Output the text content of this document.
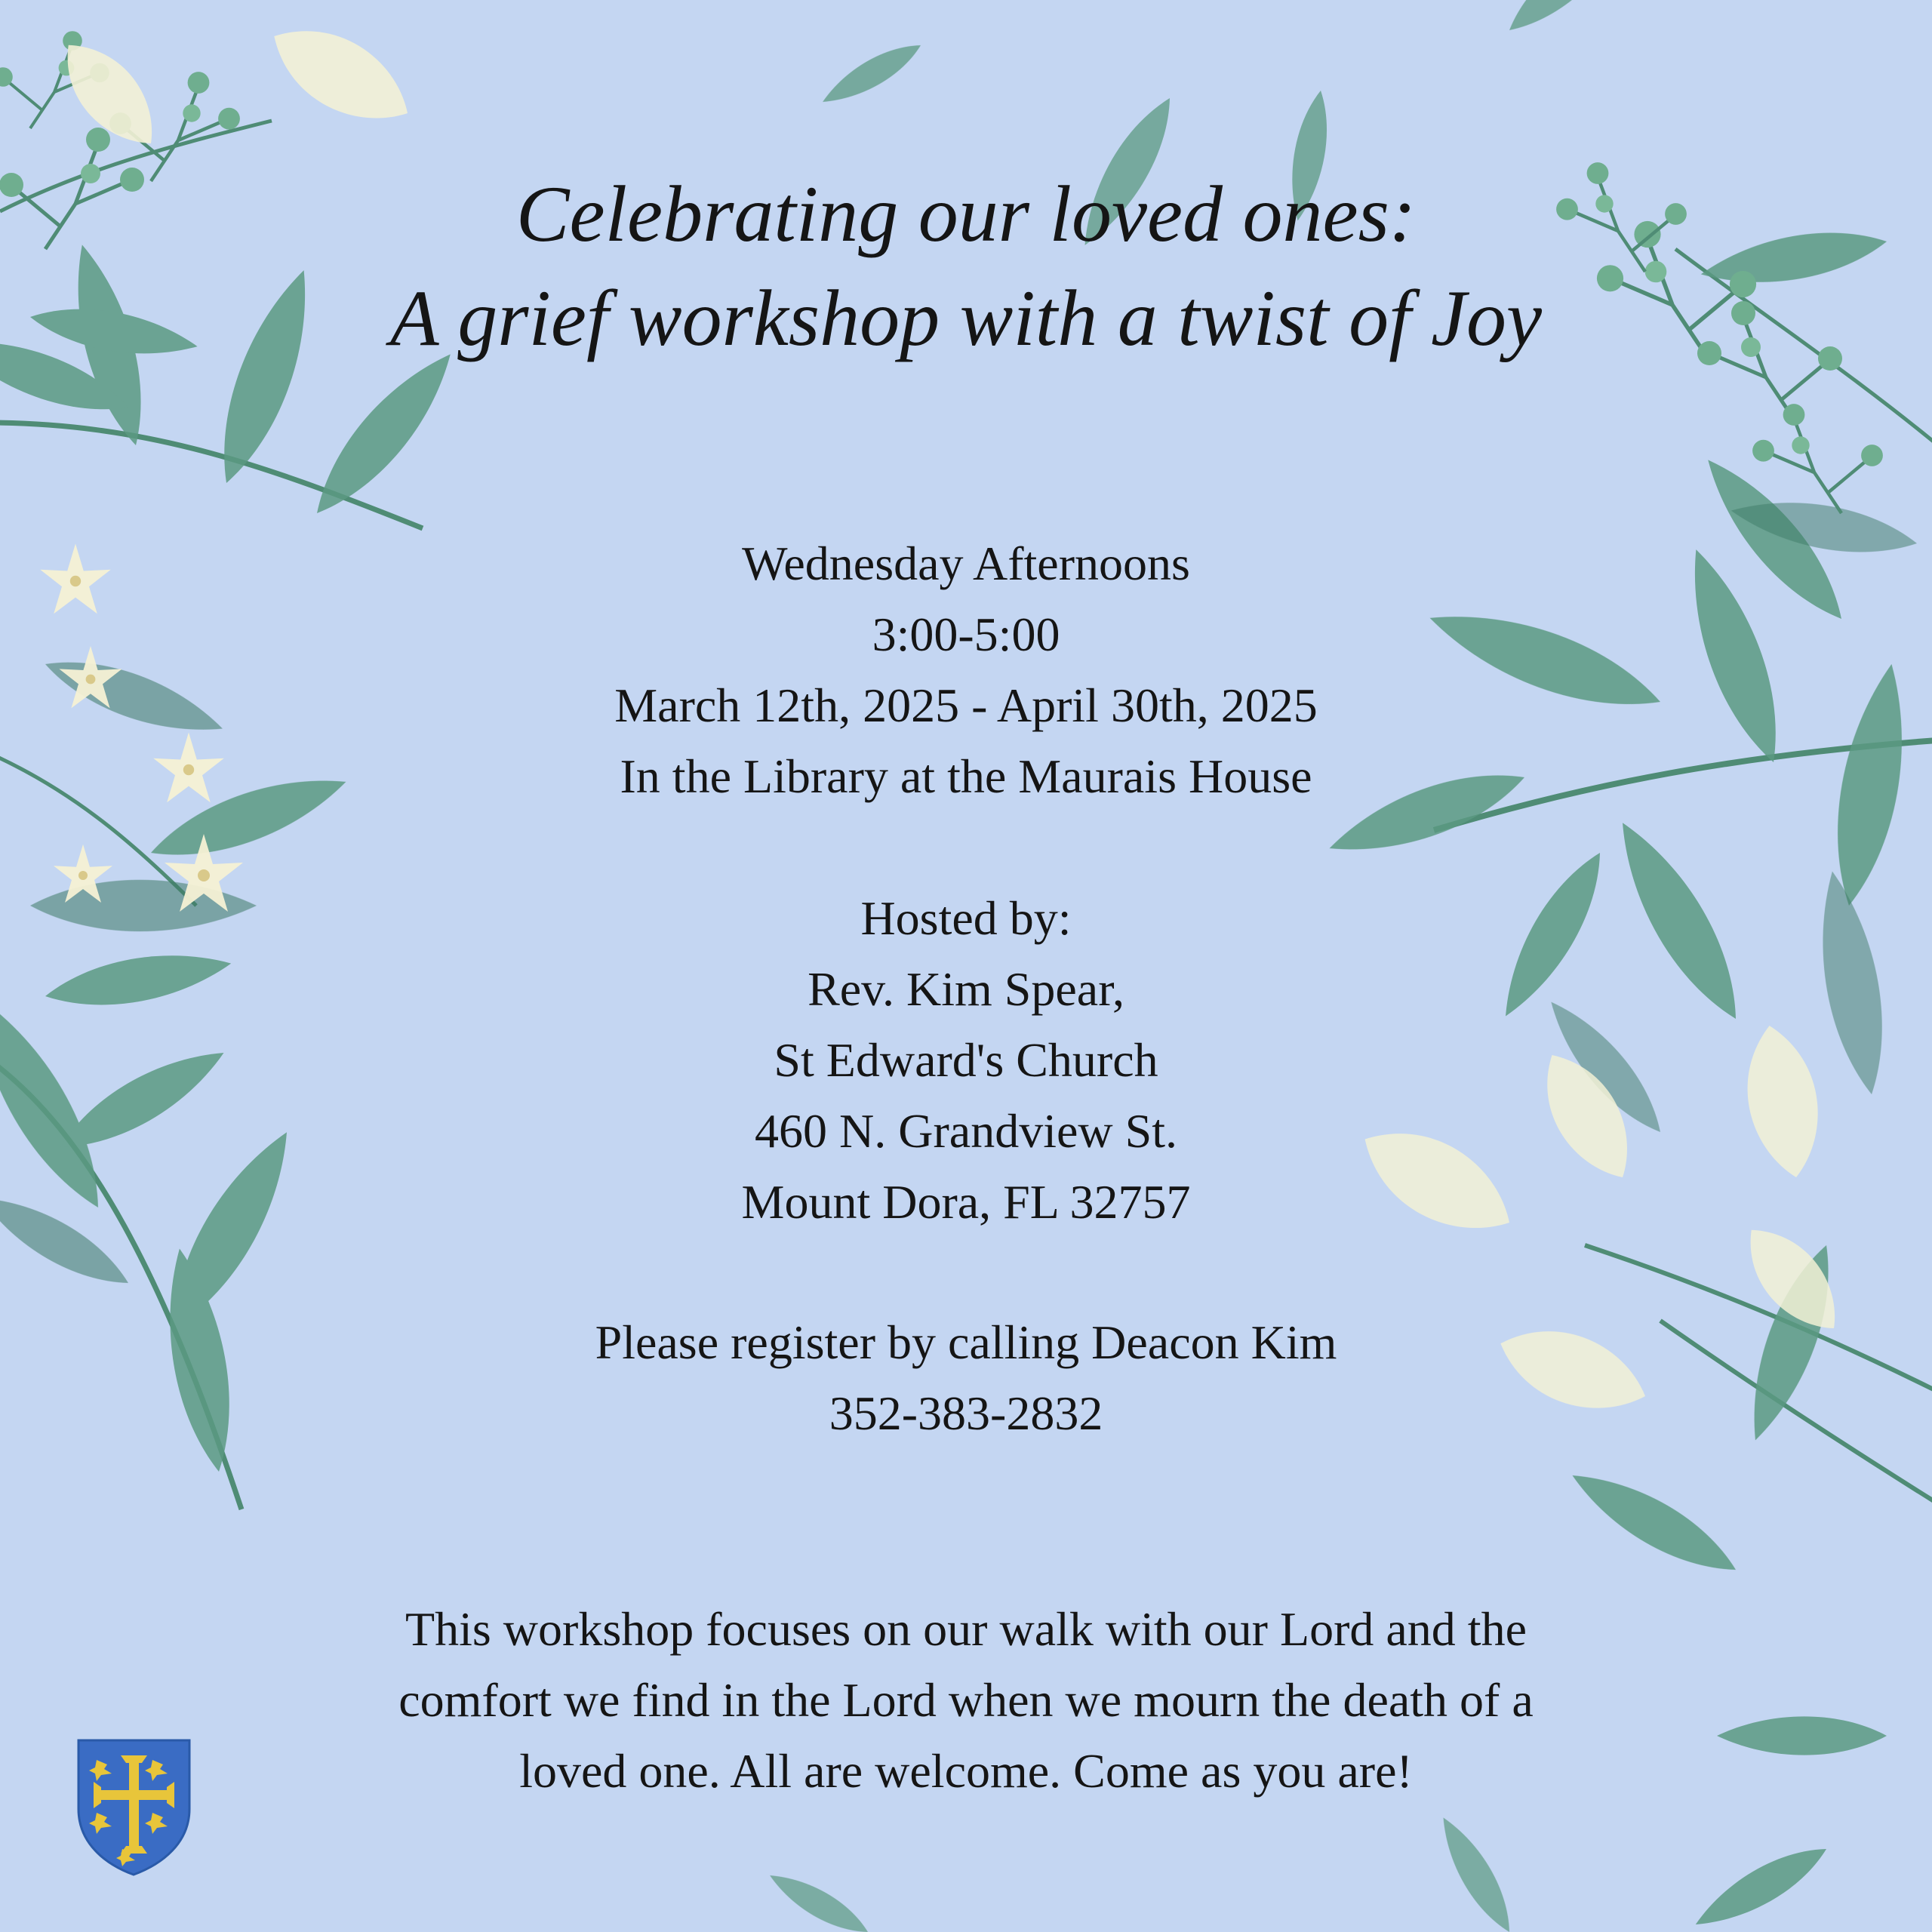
Celebrating our loved ones:
A grief workshop with a twist of Joy
Wednesday Afternoons
3:00-5:00
March 12th, 2025 - April 30th, 2025
In the Library at the Maurais House
Hosted by:
Rev. Kim Spear,
St Edward's Church
460 N. Grandview St.
Mount Dora, FL 32757
Please register by calling Deacon Kim
352-383-2832
This workshop focuses on our walk with our Lord and the
comfort we find in the Lord when we mourn the death of a
loved one. All are welcome. Come as you are!
